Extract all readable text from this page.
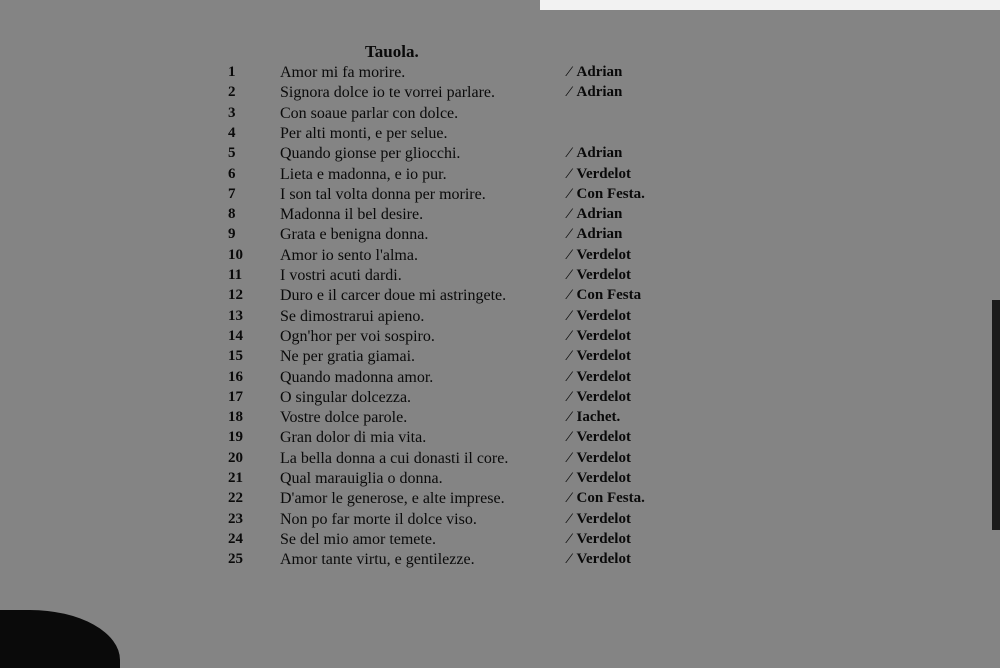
Tauola.
1	Amor mi fa morire.	⁄ Adrian
2	Signora dolce io te vorrei parlare.	⁄ Adrian
3	Con soaue parlar con dolce.
4	Per alti monti, e per selue.
5	Quando gionse per gliocchi.	⁄ Adrian
6	Lieta e madonna, e io pur.	⁄ Verdelot
7	I son tal volta donna per morire.	⁄ Con Festa.
8	Madonna il bel desire.	⁄ Adrian
9	Grata e benigna donna.	⁄ Adrian
10	Amor io sento l'alma.	⁄ Verdelot
11	I vostri acuti dardi.	⁄ Verdelot
12	Duro e il carcer doue mi astringete.	⁄ Con Festa
13	Se dimostrarui apieno.	⁄ Verdelot
14	Ogn'hor per voi sospiro.	⁄ Verdelot
15	Ne per gratia giamai.	⁄ Verdelot
16	Quando madonna amor.	⁄ Verdelot
17	O singular dolcezza.	⁄ Verdelot
18	Vostre dolce parole.	⁄ Iachet.
19	Gran dolor di mia vita.	⁄ Verdelot
20	La bella donna a cui donasti il core.	⁄ Verdelot
21	Qual marauiglia o donna.	⁄ Verdelot
22	D'amor le generose, e alte imprese.	⁄ Con Festa.
23	Non po far morte il dolce viso.	⁄ Verdelot
24	Se del mio amor temete.	⁄ Verdelot
25	Amor tante virtu, e gentilezze.	⁄ Verdelot
